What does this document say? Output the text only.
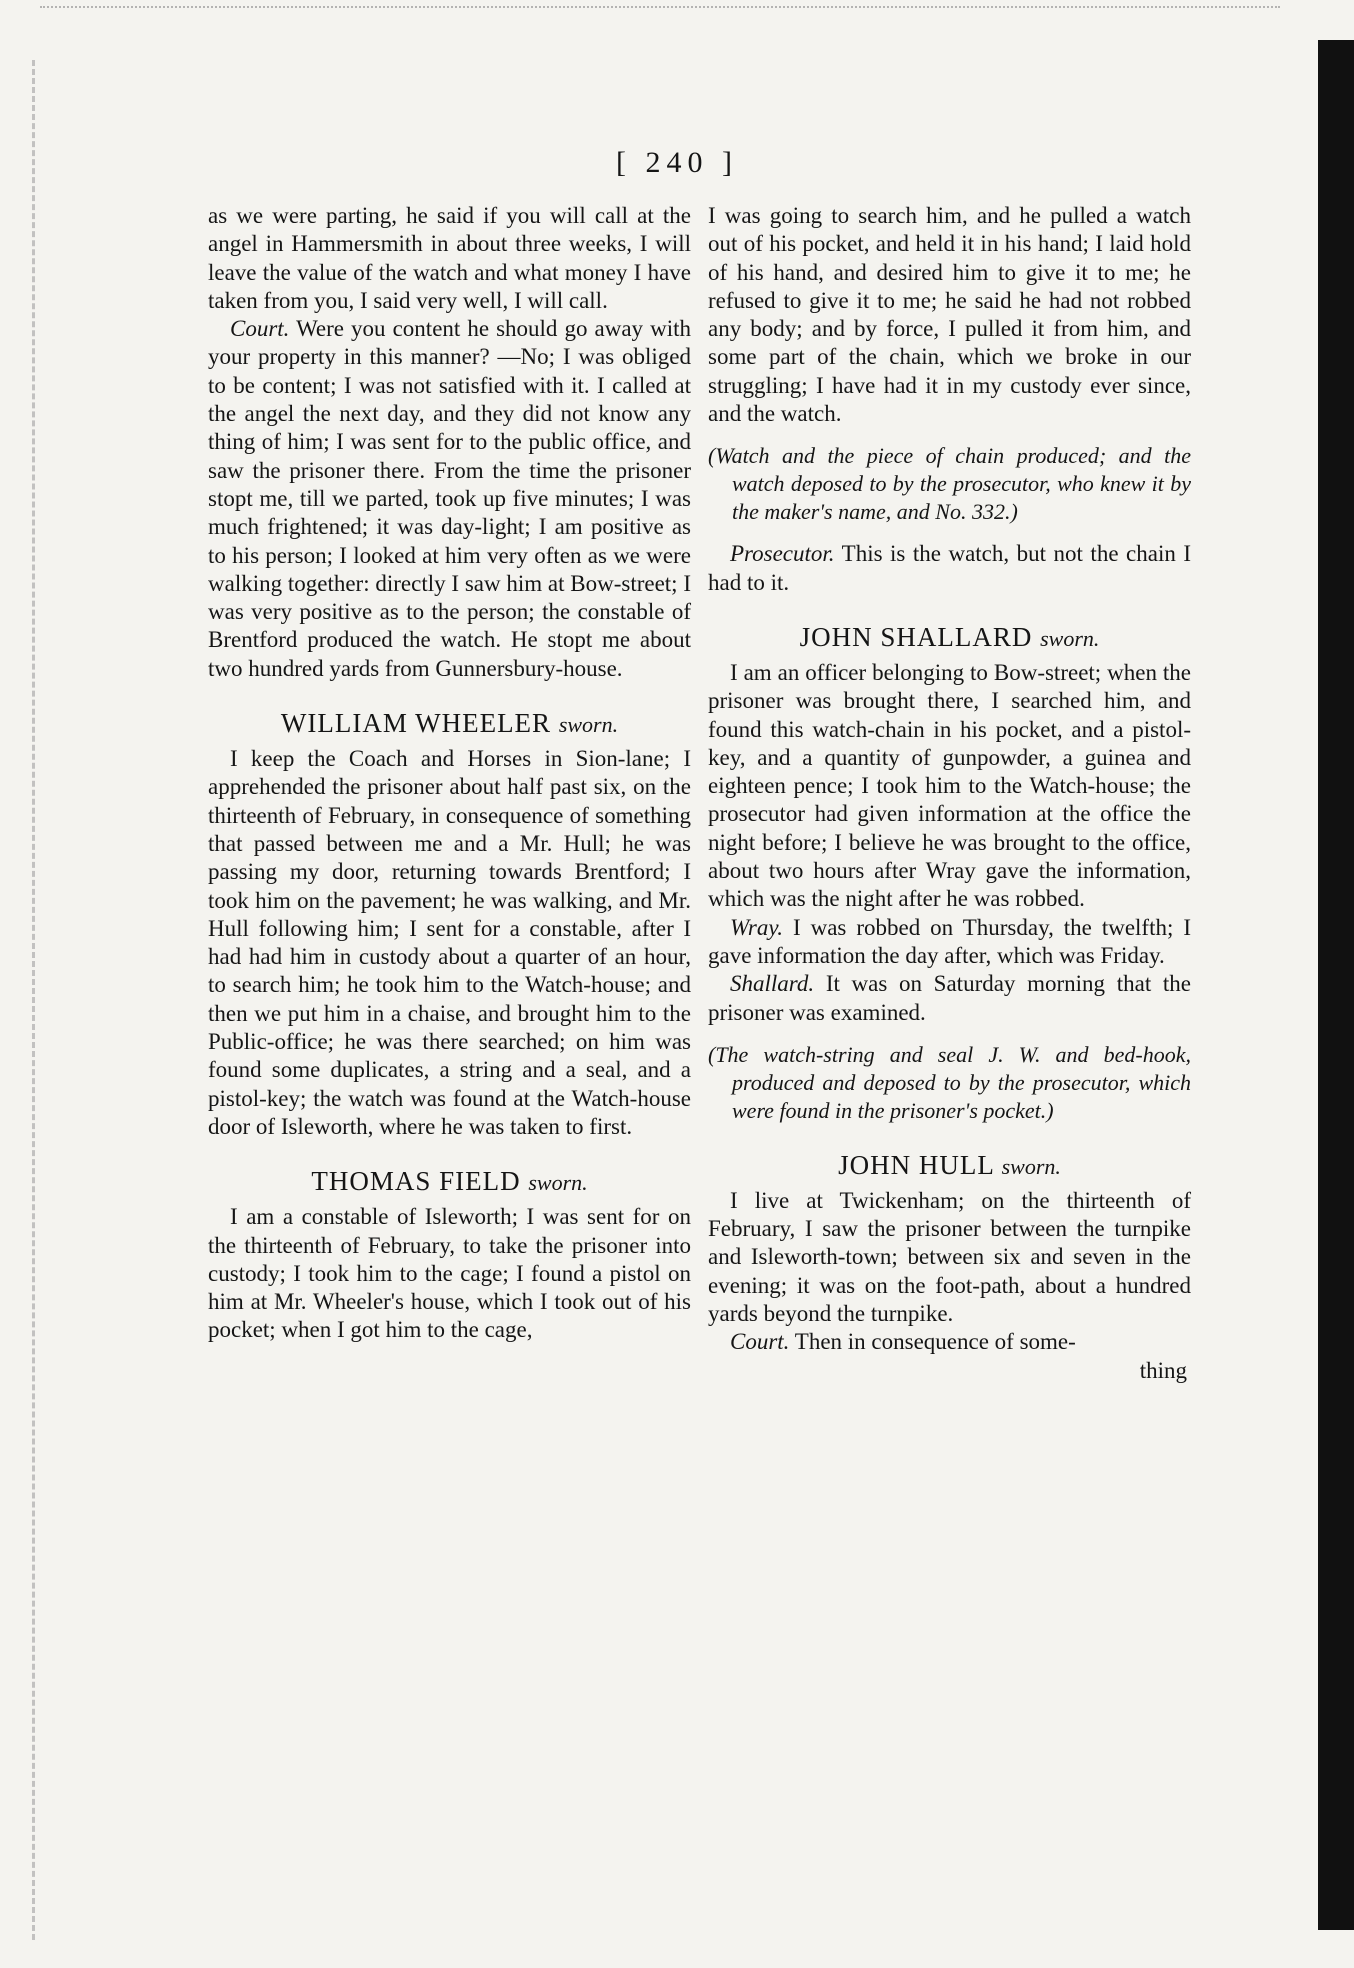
[ 240 ]

as we were parting, he said if you will call at the angel in Hammersmith in about three weeks, I will leave the value of the watch and what money I have taken from you, I said very well, I will call.

Court. Were you content he should go away with your property in this manner? —No; I was obliged to be content; I was not satisfied with it. I called at the angel the next day, and they did not know any thing of him; I was sent for to the public office, and saw the prisoner there. From the time the prisoner stopt me, till we parted, took up five minutes; I was much frightened; it was day-light; I am positive as to his person; I looked at him very often as we were walking together: directly I saw him at Bow-street; I was very positive as to the person; the constable of Brentford produced the watch. He stopt me about two hundred yards from Gunnersbury-house.

WILLIAM WHEELER sworn.

I keep the Coach and Horses in Sion-lane; I apprehended the prisoner about half past six, on the thirteenth of February, in consequence of something that passed between me and a Mr. Hull; he was passing my door, returning towards Brentford; I took him on the pavement; he was walking, and Mr. Hull following him; I sent for a constable, after I had had him in custody about a quarter of an hour, to search him; he took him to the Watch-house; and then we put him in a chaise, and brought him to the Public-office; he was there searched; on him was found some duplicates, a string and a seal, and a pistol-key; the watch was found at the Watch-house door of Isleworth, where he was taken to first.

THOMAS FIELD sworn.

I am a constable of Isleworth; I was sent for on the thirteenth of February, to take the prisoner into custody; I took him to the cage; I found a pistol on him at Mr. Wheeler's house, which I took out of his pocket; when I got him to the cage,

I was going to search him, and he pulled a watch out of his pocket, and held it in his hand; I laid hold of his hand, and desired him to give it to me; he refused to give it to me; he said he had not robbed any body; and by force, I pulled it from him, and some part of the chain, which we broke in our struggling; I have had it in my custody ever since, and the watch.

(Watch and the piece of chain produced; and the watch deposed to by the prosecutor, who knew it by the maker's name, and No. 332.)

Prosecutor. This is the watch, but not the chain I had to it.

JOHN SHALLARD sworn.

I am an officer belonging to Bow-street; when the prisoner was brought there, I searched him, and found this watch-chain in his pocket, and a pistol-key, and a quantity of gunpowder, a guinea and eighteen pence; I took him to the Watch-house; the prosecutor had given information at the office the night before; I believe he was brought to the office, about two hours after Wray gave the information, which was the night after he was robbed.

Wray. I was robbed on Thursday, the twelfth; I gave information the day after, which was Friday.

Shallard. It was on Saturday morning that the prisoner was examined.

(The watch-string and seal J. W. and bed-hook, produced and deposed to by the prosecutor, which were found in the prisoner's pocket.)

JOHN HULL sworn.

I live at Twickenham; on the thirteenth of February, I saw the prisoner between the turnpike and Isleworth-town; between six and seven in the evening; it was on the foot-path, about a hundred yards beyond the turnpike.

Court. Then in consequence of some-

thing
